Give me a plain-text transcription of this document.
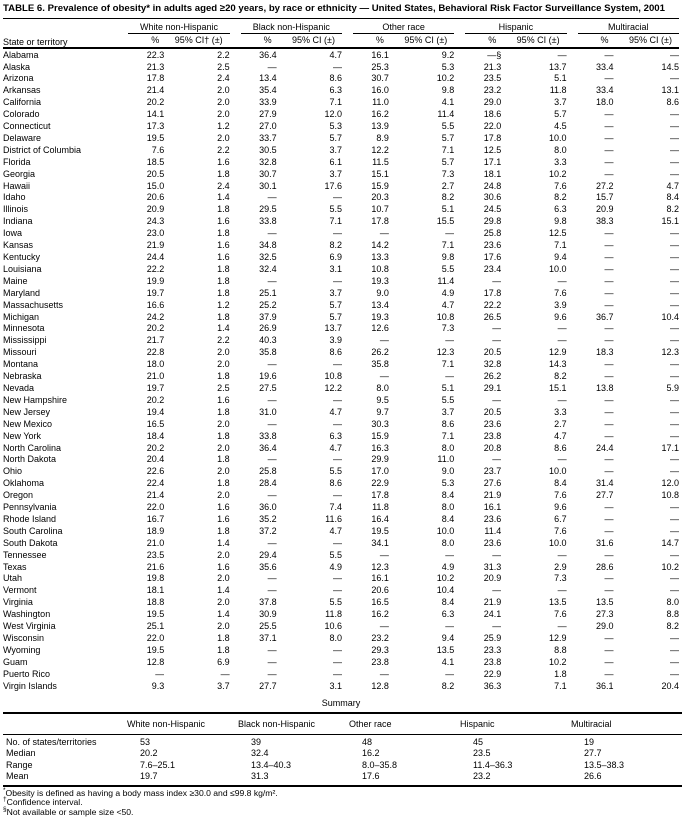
TABLE 6. Prevalence of obesity* in adults aged ≥20 years, by race or ethnicity — United States, Behavioral Risk Factor Surveillance System, 2001
State or territory	White non-Hispanic		Black non-Hispanic		Other race		Hispanic		Multiracial	

	%	95% CI† (±)	%	95% CI (±)	%	95% CI (±)	%	95% CI (±)	%	95% CI (±)
Alabama	22.3	2.2	36.4	4.7	16.1	9.2	—§	—	—	—
Alaska	21.3	2.5	—	—	25.3	5.3	21.3	13.7	33.4	14.5
Arizona	17.8	2.4	13.4	8.6	30.7	10.2	23.5	5.1	—	—
Arkansas	21.4	2.0	35.4	6.3	16.0	9.8	23.2	11.8	33.4	13.1
California	20.2	2.0	33.9	7.1	11.0	4.1	29.0	3.7	18.0	8.6
Colorado	14.1	2.0	27.9	12.0	16.2	11.4	18.6	5.7	—	—
Connecticut	17.3	1.2	27.0	5.3	13.9	5.5	22.0	4.5	—	—
Delaware	19.5	2.0	33.7	5.7	8.9	5.7	17.8	10.0	—	—
District of Columbia	7.6	2.2	30.5	3.7	12.2	7.1	12.5	8.0	—	—
Florida	18.5	1.6	32.8	6.1	11.5	5.7	17.1	3.3	—	—
Georgia	20.5	1.8	30.7	3.7	15.1	7.3	18.1	10.2	—	—
Hawaii	15.0	2.4	30.1	17.6	15.9	2.7	24.8	7.6	27.2	4.7
Idaho	20.6	1.4	—	—	20.3	8.2	30.6	8.2	15.7	8.4
Illinois	20.9	1.8	29.5	5.5	10.7	5.1	24.5	6.3	20.9	8.2
Indiana	24.3	1.6	33.8	7.1	17.8	15.5	29.8	9.8	38.3	15.1
Iowa	23.0	1.8	—	—	—	—	25.8	12.5	—	—
Kansas	21.9	1.6	34.8	8.2	14.2	7.1	23.6	7.1	—	—
Kentucky	24.4	1.6	32.5	6.9	13.3	9.8	17.6	9.4	—	—
Louisiana	22.2	1.8	32.4	3.1	10.8	5.5	23.4	10.0	—	—
Maine	19.9	1.8	—	—	19.3	11.4	—	—	—	—
Maryland	19.7	1.8	25.1	3.7	9.0	4.9	17.8	7.6	—	—
Massachusetts	16.6	1.2	25.2	5.7	13.4	4.7	22.2	3.9	—	—
Michigan	24.2	1.8	37.9	5.7	19.3	10.8	26.5	9.6	36.7	10.4
Minnesota	20.2	1.4	26.9	13.7	12.6	7.3	—	—	—	—
Mississippi	21.7	2.2	40.3	3.9	—	—	—	—	—	—
Missouri	22.8	2.0	35.8	8.6	26.2	12.3	20.5	12.9	18.3	12.3
Montana	18.0	2.0	—	—	35.8	7.1	32.8	14.3	—	—
Nebraska	21.0	1.8	19.6	10.8	—	—	26.2	8.2	—	—
Nevada	19.7	2.5	27.5	12.2	8.0	5.1	29.1	15.1	13.8	5.9
New Hampshire	20.2	1.6	—	—	9.5	5.5	—	—	—	—
New Jersey	19.4	1.8	31.0	4.7	9.7	3.7	20.5	3.3	—	—
New Mexico	16.5	2.0	—	—	30.3	8.6	23.6	2.7	—	—
New York	18.4	1.8	33.8	6.3	15.9	7.1	23.8	4.7	—	—
North Carolina	20.2	2.0	36.4	4.7	16.3	8.0	20.8	8.6	24.4	17.1
North Dakota	20.4	1.8	—	—	29.9	11.0	—	—	—	—
Ohio	22.6	2.0	25.8	5.5	17.0	9.0	23.7	10.0	—	—
Oklahoma	22.4	1.8	28.4	8.6	22.9	5.3	27.6	8.4	31.4	12.0
Oregon	21.4	2.0	—	—	17.8	8.4	21.9	7.6	27.7	10.8
Pennsylvania	22.0	1.6	36.0	7.4	11.8	8.0	16.1	9.6	—	—
Rhode Island	16.7	1.6	35.2	11.6	16.4	8.4	23.6	6.7	—	—
South Carolina	18.9	1.8	37.2	4.7	19.5	10.0	11.4	7.6	—	—
South Dakota	21.0	1.4	—	—	34.1	8.0	23.6	10.0	31.6	14.7
Tennessee	23.5	2.0	29.4	5.5	—	—	—	—	—	—
Texas	21.6	1.6	35.6	4.9	12.3	4.9	31.3	2.9	28.6	10.2
Utah	19.8	2.0	—	—	16.1	10.2	20.9	7.3	—	—
Vermont	18.1	1.4	—	—	20.6	10.4	—	—	—	—
Virginia	18.8	2.0	37.8	5.5	16.5	8.4	21.9	13.5	13.5	8.0
Washington	19.5	1.4	30.9	11.8	16.2	6.3	24.1	7.6	27.3	8.8
West Virginia	25.1	2.0	25.5	10.6	—	—	—	—	29.0	8.2
Wisconsin	22.0	1.8	37.1	8.0	23.2	9.4	25.9	12.9	—	—
Wyoming	19.5	1.8	—	—	29.3	13.5	23.3	8.8	—	—
Guam	12.8	6.9	—	—	23.8	4.1	23.8	10.2	—	—
Puerto Rico	—	—	—	—	—	—	22.9	1.8	—	—
Virgin Islands	9.3	3.7	27.7	3.1	12.8	8.2	36.3	7.1	36.1	20.4
Summary
	White non-Hispanic	Black non-Hispanic	Other race	Hispanic	Multiracial
No. of states/territories	53	39	48	45	19
Median	20.2	32.4	16.2	23.5	27.7
Range	7.6–25.1	13.4–40.3	8.0–35.8	11.4–36.3	13.5–38.3
Mean	19.7	31.3	17.6	23.2	26.6
*Obesity is defined as having a body mass index ≥30.0 and ≤99.8 kg/m².
†Confidence interval.
§Not available or sample size <50.
